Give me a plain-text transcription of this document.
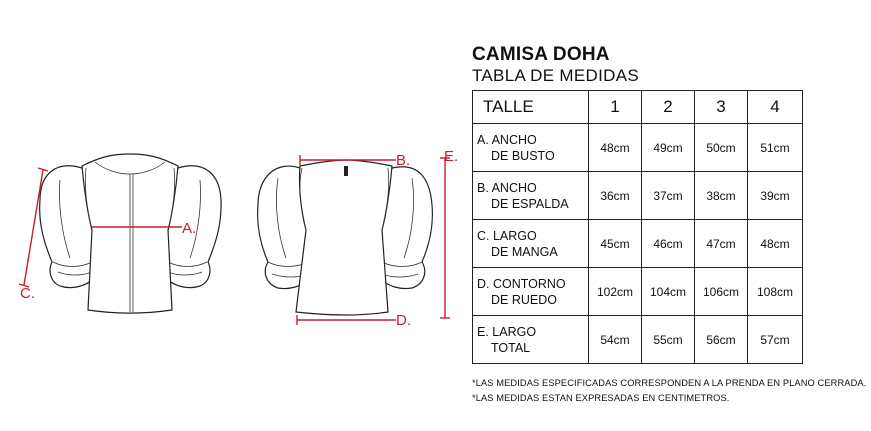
A.
B.
C.
D.
E.
CAMISA DOHA
TABLA DE MEDIDAS
TALLE	1	2	3	4

A. ANCHO
DE BUSTO	48cm	49cm	50cm	51cm

B. ANCHO
DE ESPALDA	36cm	37cm	38cm	39cm

C. LARGO
DE MANGA	45cm	46cm	47cm	48cm

D. CONTORNO
DE RUEDO	102cm	104cm	106cm	108cm

E. LARGO
TOTAL	54cm	55cm	56cm	57cm
*LAS MEDIDAS ESPECIFICADAS CORRESPONDEN A LA PRENDA EN PLANO CERRADA.
*LAS MEDIDAS ESTAN EXPRESADAS EN CENTIMETROS.
